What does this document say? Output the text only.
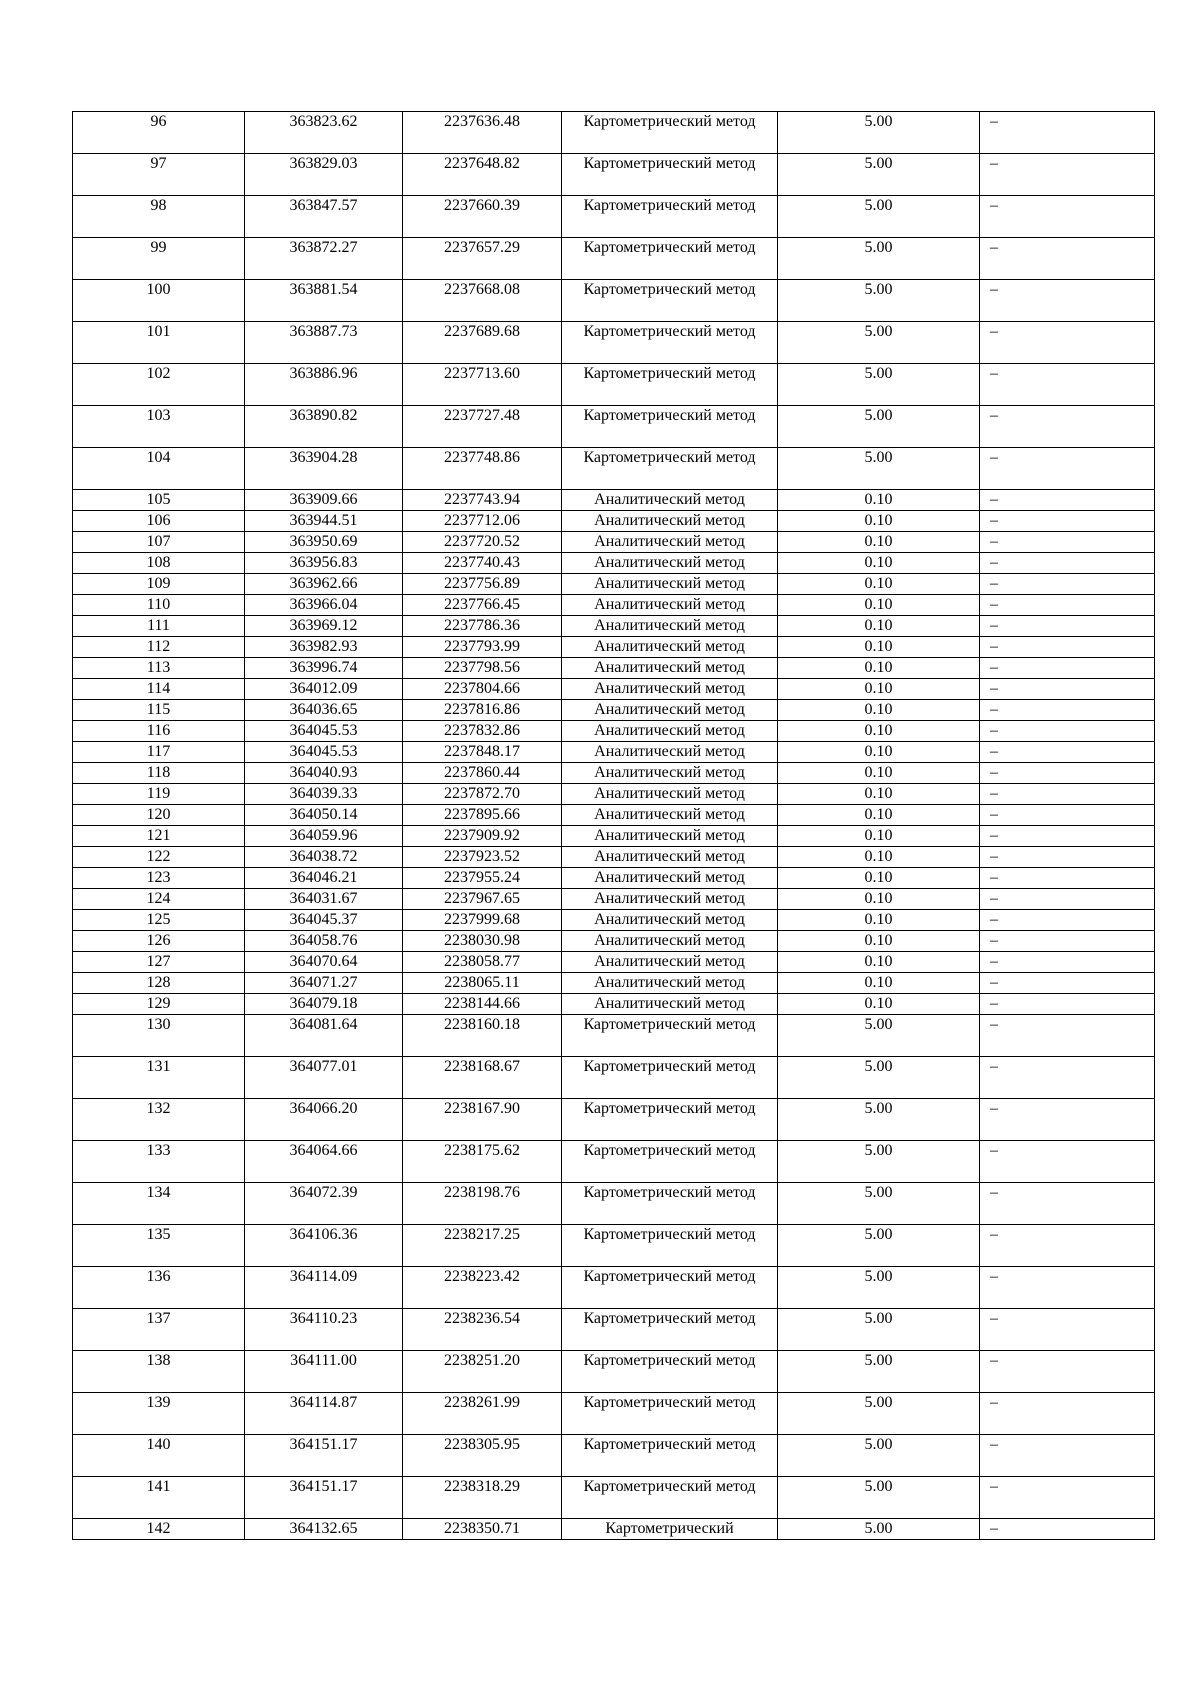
96	363823.62	2237636.48	Картометрический метод	5.00	–
97	363829.03	2237648.82	Картометрический метод	5.00	–
98	363847.57	2237660.39	Картометрический метод	5.00	–
99	363872.27	2237657.29	Картометрический метод	5.00	–
100	363881.54	2237668.08	Картометрический метод	5.00	–
101	363887.73	2237689.68	Картометрический метод	5.00	–
102	363886.96	2237713.60	Картометрический метод	5.00	–
103	363890.82	2237727.48	Картометрический метод	5.00	–
104	363904.28	2237748.86	Картометрический метод	5.00	–
105	363909.66	2237743.94	Аналитический метод	0.10	–
106	363944.51	2237712.06	Аналитический метод	0.10	–
107	363950.69	2237720.52	Аналитический метод	0.10	–
108	363956.83	2237740.43	Аналитический метод	0.10	–
109	363962.66	2237756.89	Аналитический метод	0.10	–
110	363966.04	2237766.45	Аналитический метод	0.10	–
111	363969.12	2237786.36	Аналитический метод	0.10	–
112	363982.93	2237793.99	Аналитический метод	0.10	–
113	363996.74	2237798.56	Аналитический метод	0.10	–
114	364012.09	2237804.66	Аналитический метод	0.10	–
115	364036.65	2237816.86	Аналитический метод	0.10	–
116	364045.53	2237832.86	Аналитический метод	0.10	–
117	364045.53	2237848.17	Аналитический метод	0.10	–
118	364040.93	2237860.44	Аналитический метод	0.10	–
119	364039.33	2237872.70	Аналитический метод	0.10	–
120	364050.14	2237895.66	Аналитический метод	0.10	–
121	364059.96	2237909.92	Аналитический метод	0.10	–
122	364038.72	2237923.52	Аналитический метод	0.10	–
123	364046.21	2237955.24	Аналитический метод	0.10	–
124	364031.67	2237967.65	Аналитический метод	0.10	–
125	364045.37	2237999.68	Аналитический метод	0.10	–
126	364058.76	2238030.98	Аналитический метод	0.10	–
127	364070.64	2238058.77	Аналитический метод	0.10	–
128	364071.27	2238065.11	Аналитический метод	0.10	–
129	364079.18	2238144.66	Аналитический метод	0.10	–
130	364081.64	2238160.18	Картометрический метод	5.00	–
131	364077.01	2238168.67	Картометрический метод	5.00	–
132	364066.20	2238167.90	Картометрический метод	5.00	–
133	364064.66	2238175.62	Картометрический метод	5.00	–
134	364072.39	2238198.76	Картометрический метод	5.00	–
135	364106.36	2238217.25	Картометрический метод	5.00	–
136	364114.09	2238223.42	Картометрический метод	5.00	–
137	364110.23	2238236.54	Картометрический метод	5.00	–
138	364111.00	2238251.20	Картометрический метод	5.00	–
139	364114.87	2238261.99	Картометрический метод	5.00	–
140	364151.17	2238305.95	Картометрический метод	5.00	–
141	364151.17	2238318.29	Картометрический метод	5.00	–
142	364132.65	2238350.71	Картометрический	5.00	–
